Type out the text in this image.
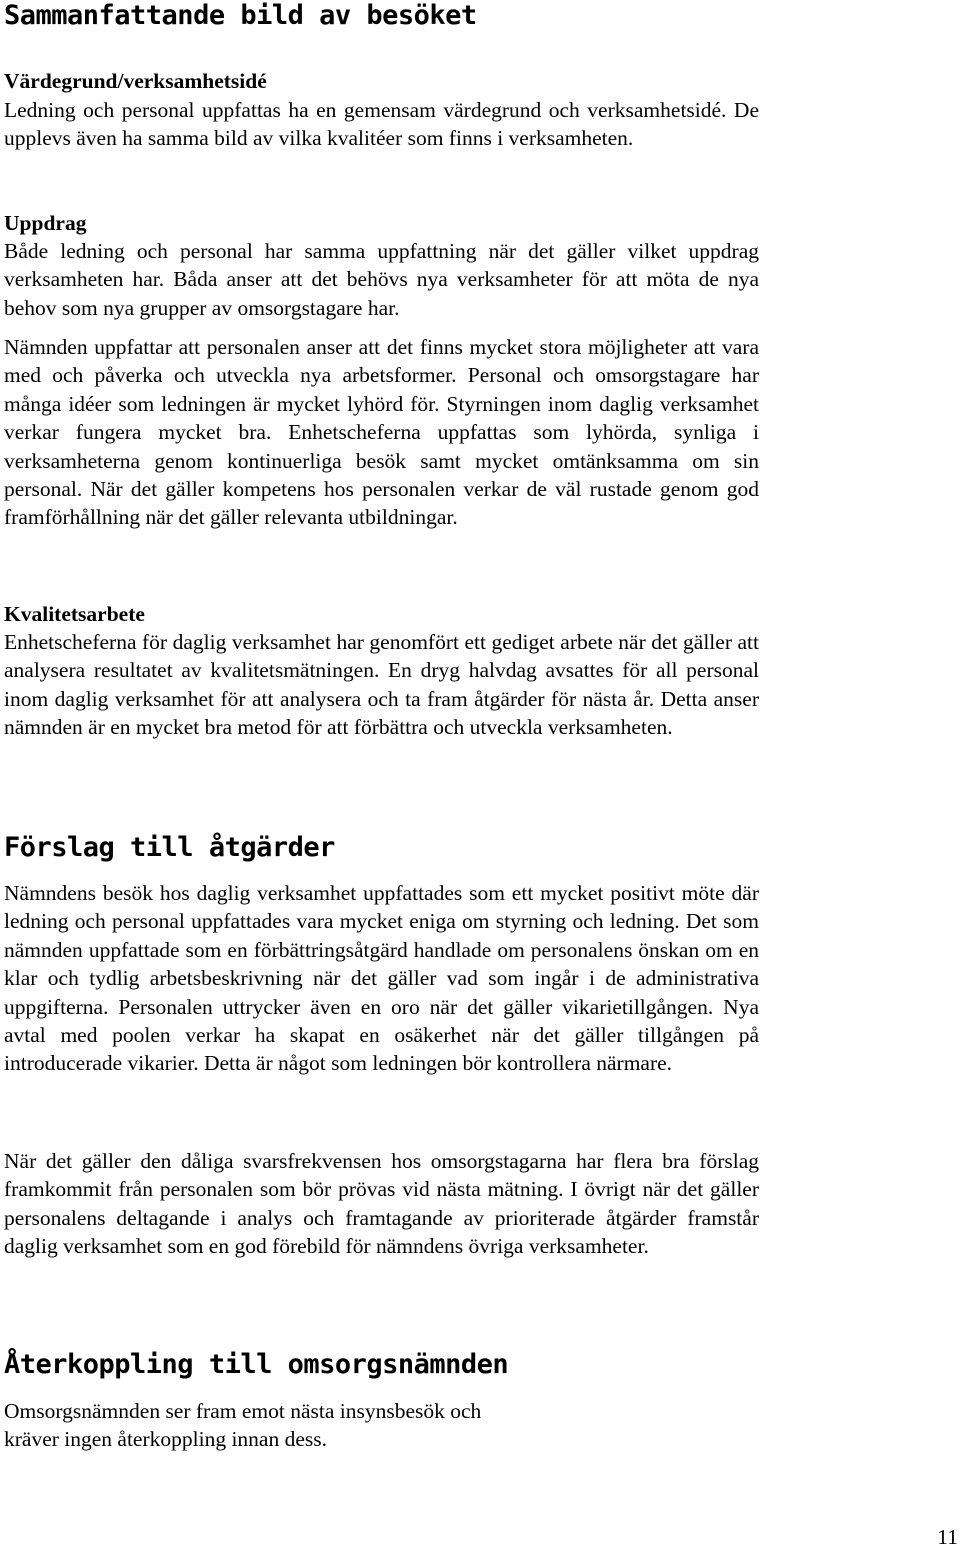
Sammanfattande bild av besöket
Värdegrund/verksamhetsidé

Ledning och personal uppfattas ha en gemensam värdegrund och verksamhetsidé. De upplevs även ha samma bild av vilka kvalitéer som finns i verksamheten.

Uppdrag

Både ledning och personal har samma uppfattning när det gäller vilket uppdrag verksamheten har. Båda anser att det behövs nya verksamheter för att möta de nya behov som nya grupper av omsorgstagare har.

Nämnden uppfattar att personalen anser att det finns mycket stora möjligheter att vara med och påverka och utveckla nya arbetsformer. Personal och omsorgstagare har många idéer som ledningen är mycket lyhörd för. Styrningen inom daglig verksamhet verkar fungera mycket bra. Enhetscheferna uppfattas som lyhörda, synliga i verksamheterna genom kontinuerliga besök samt mycket omtänksamma om sin personal. När det gäller kompetens hos personalen verkar de väl rustade genom god framförhållning när det gäller relevanta utbildningar.

Kvalitetsarbete

Enhetscheferna för daglig verksamhet har genomfört ett gediget arbete när det gäller att analysera resultatet av kvalitetsmätningen. En dryg halvdag avsattes för all personal inom daglig verksamhet för att analysera och ta fram åtgärder för nästa år. Detta anser nämnden är en mycket bra metod för att förbättra och utveckla verksamheten.

Förslag till åtgärder

Nämndens besök hos daglig verksamhet uppfattades som ett mycket positivt möte där ledning och personal uppfattades vara mycket eniga om styrning och ledning. Det som nämnden uppfattade som en förbättringsåtgärd handlade om personalens önskan om en klar och tydlig arbetsbeskrivning när det gäller vad som ingår i de administrativa uppgifterna. Personalen uttrycker även en oro när det gäller vikarietillgången. Nya avtal med poolen verkar ha skapat en osäkerhet när det gäller tillgången på introducerade vikarier. Detta är något som ledningen bör kontrollera närmare.

När det gäller den dåliga svarsfrekvensen hos omsorgstagarna har flera bra förslag framkommit från personalen som bör prövas vid nästa mätning. I övrigt när det gäller personalens deltagande i analys och framtagande av prioriterade åtgärder framstår daglig verksamhet som en god förebild för nämndens övriga verksamheter.

Återkoppling till omsorgsnämnden

Omsorgsnämnden ser fram emot nästa insynsbesök och kräver ingen återkoppling innan dess.

11
